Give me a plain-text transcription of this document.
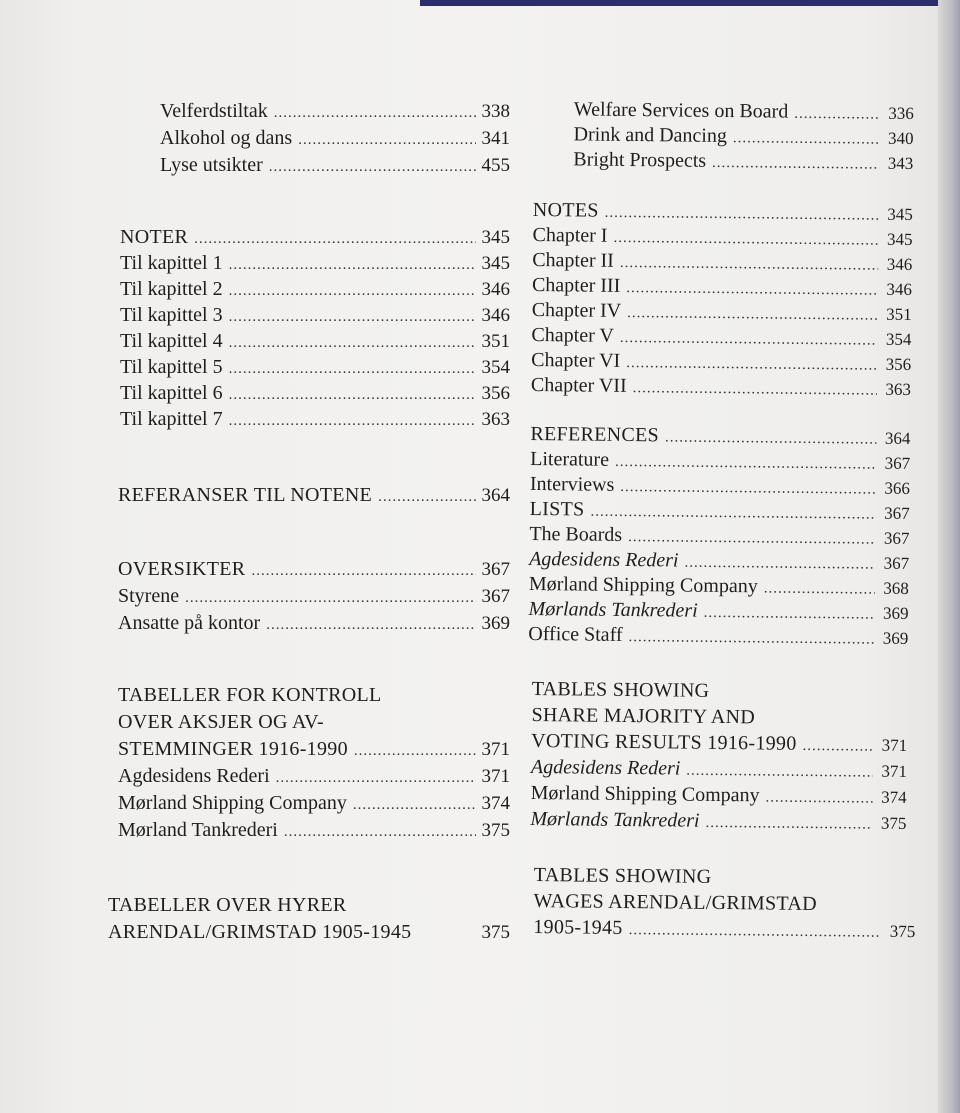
Velferdstiltak .....	338
Alkohol og dans .....	341
Lyse utsikter .....	455
NOTER .....	345
Til kapittel 1 .....	345
Til kapittel 2 .....	346
Til kapittel 3 .....	346
Til kapittel 4 .....	351
Til kapittel 5 .....	354
Til kapittel 6 .....	356
Til kapittel 7 .....	363
REFERANSER TIL NOTENE .....	364
OVERSIKTER .....	367
Styrene .....	367
Ansatte på kontor .....	369
TABELLER FOR KONTROLL
OVER AKSJER OG AV-
STEMMINGER 1916-1990 .....	371
Agdesidens Rederi .....	371
Mørland Shipping Company .....	374
Mørland Tankrederi .....	375
TABELLER OVER HYRER
ARENDAL/GRIMSTAD 1905-1945	375
Welfare Services on Board .....	336
Drink and Dancing .....	340
Bright Prospects .....	343
NOTES .....	345
Chapter I .....	345
Chapter II .....	346
Chapter III .....	346
Chapter IV .....	351
Chapter V .....	354
Chapter VI .....	356
Chapter VII .....	363
REFERENCES .....	364
Literature .....	367
Interviews .....	366
LISTS .....	367
The Boards .....	367
Agdesidens Rederi .....	367
Mørland Shipping Company .....	368
Mørlands Tankrederi .....	369
Office Staff .....	369
TABLES SHOWING
SHARE MAJORITY AND
VOTING RESULTS 1916-1990 .....	371
Agdesidens Rederi .....	371
Mørland Shipping Company .....	374
Mørlands Tankrederi .....	375
TABLES SHOWING
WAGES ARENDAL/GRIMSTAD
1905-1945 .....	375
